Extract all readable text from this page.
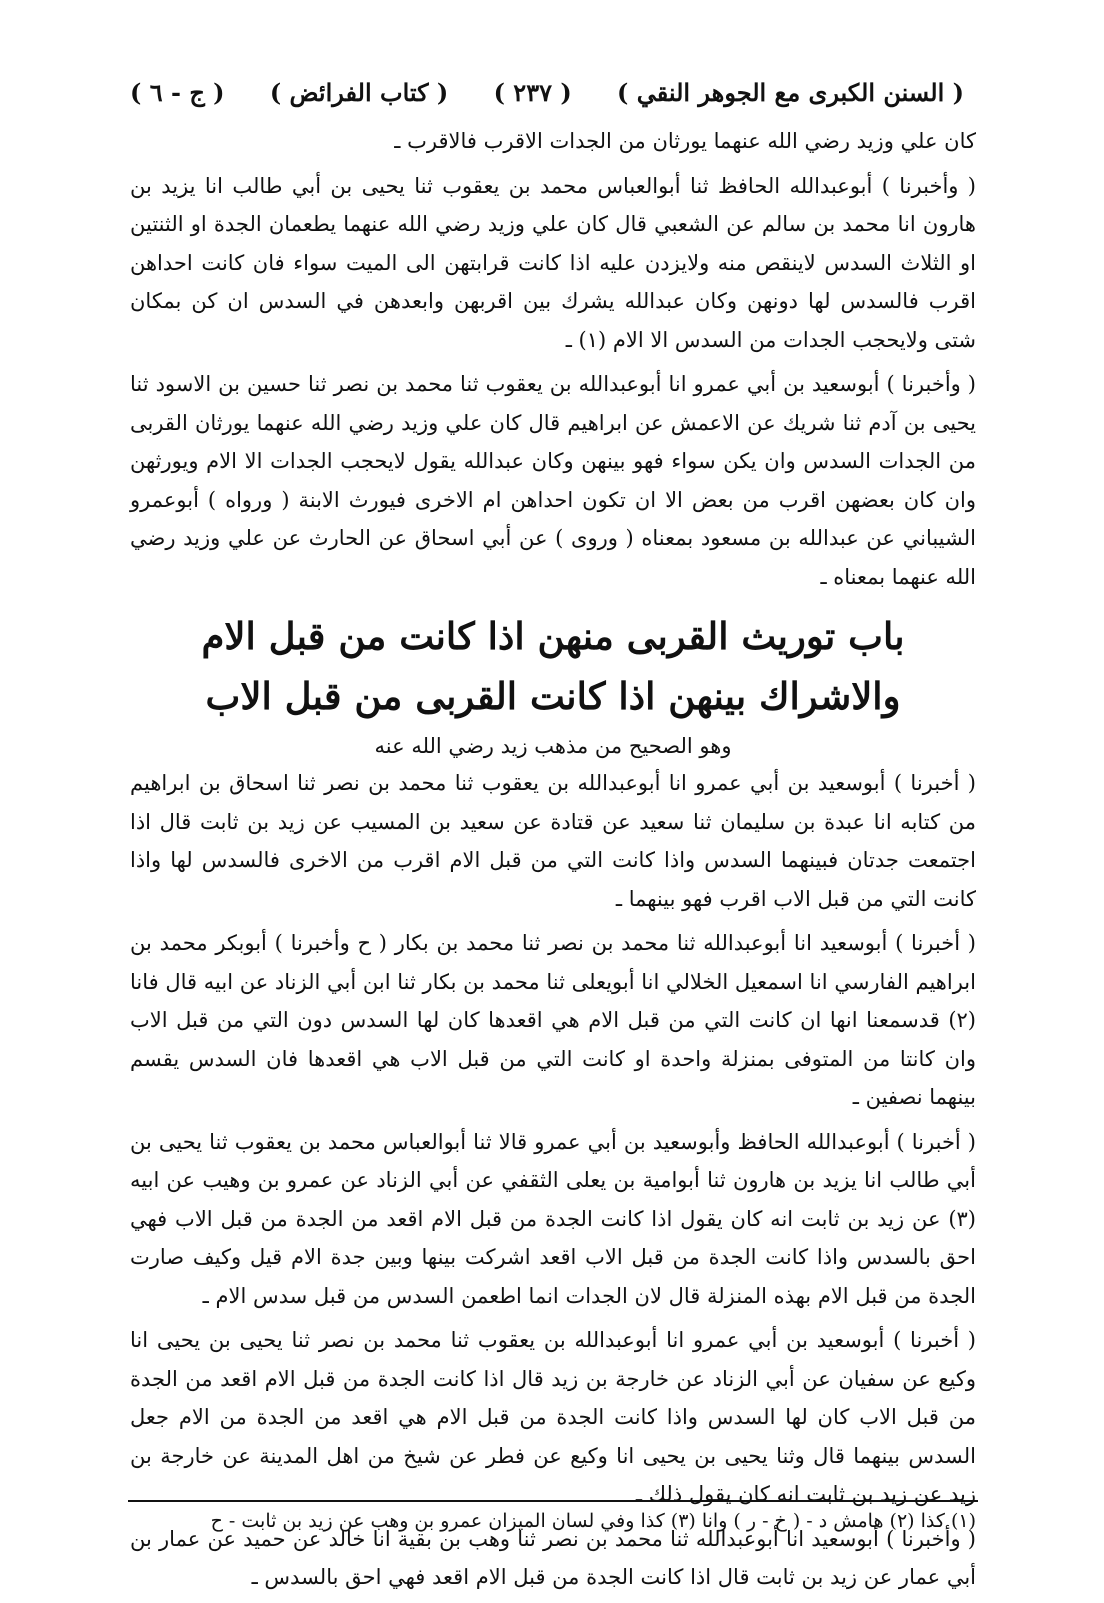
( السنن الكبرى مع الجوهر النقي )
( ٢٣٧ )
( كتاب الفرائض )
( ج - ٦ )

كان علي وزيد رضي الله عنهما يورثان من الجدات الاقرب فالاقرب ـ

( وأخبرنا ) أبوعبدالله الحافظ ثنا أبوالعباس محمد بن يعقوب ثنا يحيى بن أبي طالب انا يزيد بن هارون انا محمد بن سالم عن الشعبي قال كان علي وزيد رضي الله عنهما يطعمان الجدة او الثنتين او الثلاث السدس لاينقص منه ولايزدن عليه اذا كانت قرابتهن الى الميت سواء فان كانت احداهن اقرب فالسدس لها دونهن وكان عبدالله يشرك بين اقربهن وابعدهن في السدس ان كن بمكان شتى ولايحجب الجدات من السدس الا الام (١) ـ

( وأخبرنا ) أبوسعيد بن أبي عمرو انا أبوعبدالله بن يعقوب ثنا محمد بن نصر ثنا حسين بن الاسود ثنا يحيى بن آدم ثنا شريك عن الاعمش عن ابراهيم قال كان علي وزيد رضي الله عنهما يورثان القربى من الجدات السدس وان يكن سواء فهو بينهن وكان عبدالله يقول لايحجب الجدات الا الام ويورثهن وان كان بعضهن اقرب من بعض الا ان تكون احداهن ام الاخرى فيورث الابنة ( ورواه ) أبوعمرو الشيباني عن عبدالله بن مسعود بمعناه ( وروى ) عن أبي اسحاق عن الحارث عن علي وزيد رضي الله عنهما بمعناه ـ

باب توريث القربى منهن اذا كانت من قبل الام
والاشراك بينهن اذا كانت القربى من قبل الاب
وهو الصحيح من مذهب زيد رضي الله عنه

( أخبرنا ) أبوسعيد بن أبي عمرو انا أبوعبدالله بن يعقوب ثنا محمد بن نصر ثنا اسحاق بن ابراهيم من كتابه انا عبدة بن سليمان ثنا سعيد عن قتادة عن سعيد بن المسيب عن زيد بن ثابت قال اذا اجتمعت جدتان فبينهما السدس واذا كانت التي من قبل الام اقرب من الاخرى فالسدس لها واذا كانت التي من قبل الاب اقرب فهو بينهما ـ

( أخبرنا ) أبوسعيد انا أبوعبدالله ثنا محمد بن نصر ثنا محمد بن بكار ( ح وأخبرنا ) أبوبكر محمد بن ابراهيم الفارسي انا اسمعيل الخلالي انا أبويعلى ثنا محمد بن بكار ثنا ابن أبي الزناد عن ابيه قال فانا (٢) قدسمعنا انها ان كانت التي من قبل الام هي اقعدها كان لها السدس دون التي من قبل الاب وان كانتا من المتوفى بمنزلة واحدة او كانت التي من قبل الاب هي اقعدها فان السدس يقسم بينهما نصفين ـ

( أخبرنا ) أبوعبدالله الحافظ وأبوسعيد بن أبي عمرو قالا ثنا أبوالعباس محمد بن يعقوب ثنا يحيى بن أبي طالب انا يزيد بن هارون ثنا أبوامية بن يعلى الثقفي عن أبي الزناد عن عمرو بن وهيب عن ابيه (٣) عن زيد بن ثابت انه كان يقول اذا كانت الجدة من قبل الام اقعد من الجدة من قبل الاب فهي احق بالسدس واذا كانت الجدة من قبل الاب اقعد اشركت بينها وبين جدة الام قيل وكيف صارت الجدة من قبل الام بهذه المنزلة قال لان الجدات انما اطعمن السدس من قبل سدس الام ـ

( أخبرنا ) أبوسعيد بن أبي عمرو انا أبوعبدالله بن يعقوب ثنا محمد بن نصر ثنا يحيى بن يحيى انا وكيع عن سفيان عن أبي الزناد عن خارجة بن زيد قال اذا كانت الجدة من قبل الام اقعد من الجدة من قبل الاب كان لها السدس واذا كانت الجدة من قبل الام هي اقعد من الجدة من الام جعل السدس بينهما قال وثنا يحيى بن يحيى انا وكيع عن فطر عن شيخ من اهل المدينة عن خارجة بن زيد عن زيد بن ثابت انه كان يقول ذلك ـ

( وأخبرنا ) أبوسعيد انا أبوعبدالله ثنا محمد بن نصر ثنا وهب بن بقية انا خالد عن حميد عن عمار بن أبي عمار عن زيد بن ثابت قال اذا كانت الجدة من قبل الام اقعد فهي احق بالسدس ـ

(١) كذا (٢) هامش د - ( خ - ر ) وانا (٣) كذا وفي لسان الميزان عمرو بن وهب عن زيد بن ثابت - ح
